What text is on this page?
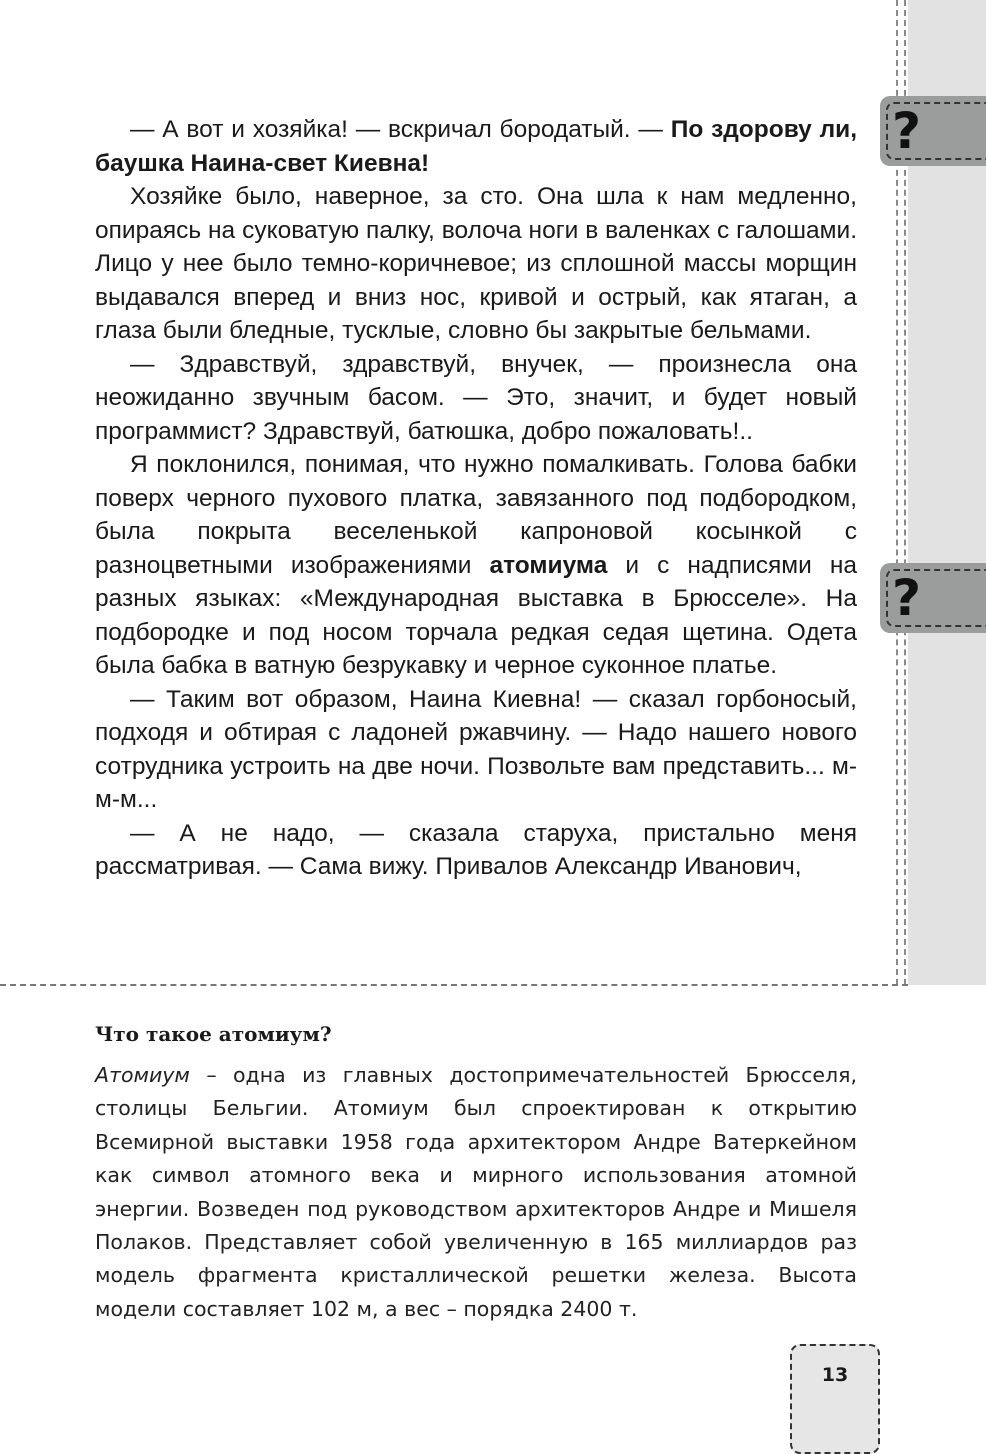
?
?

— А вот и хозяйка! — вскричал бородатый. — По здорову ли, баушка Наина-свет Киевна!

Хозяйке было, наверное, за сто. Она шла к нам медленно, опираясь на суковатую палку, волоча ноги в валенках с галошами. Лицо у нее было темно-коричневое; из сплошной массы морщин выдавался вперед и вниз нос, кривой и острый, как ятаган, а глаза были бледные, тусклые, словно бы закрытые бельмами.

— Здравствуй, здравствуй, внучек, — произнесла она неожиданно звучным басом. — Это, значит, и будет новый программист? Здравствуй, батюшка, добро пожаловать!..

Я поклонился, понимая, что нужно помалкивать. Голова бабки поверх черного пухового платка, завязанного под подбородком, была покрыта веселенькой капроновой косынкой с разноцветными изображениями атомиума и с надписями на разных языках: «Международная выставка в Брюсселе». На подбородке и под носом торчала редкая седая щетина. Одета была бабка в ватную безрукавку и черное суконное платье.

— Таким вот образом, Наина Киевна! — сказал горбоносый, подходя и обтирая с ладоней ржавчину. — Надо нашего нового сотрудника устроить на две ночи. Позвольте вам представить... м-м-м...

— А не надо, — сказала старуха, пристально меня рассматривая. — Сама вижу. Привалов Александр Иванович,

Что такое атомиум?

Атомиум – одна из главных достопримечательностей Брюсселя, столицы Бельгии. Атомиум был спроектирован к открытию Всемирной выставки 1958 года архитектором Андре Ватеркейном как символ атомного века и мирного использования атомной энергии. Возведен под руководством архитекторов Андре и Мишеля Полаков. Представляет собой увеличенную в 165 миллиардов раз модель фрагмента кристаллической решетки железа. Высота модели составляет 102 м, а вес – порядка 2400 т.

13
